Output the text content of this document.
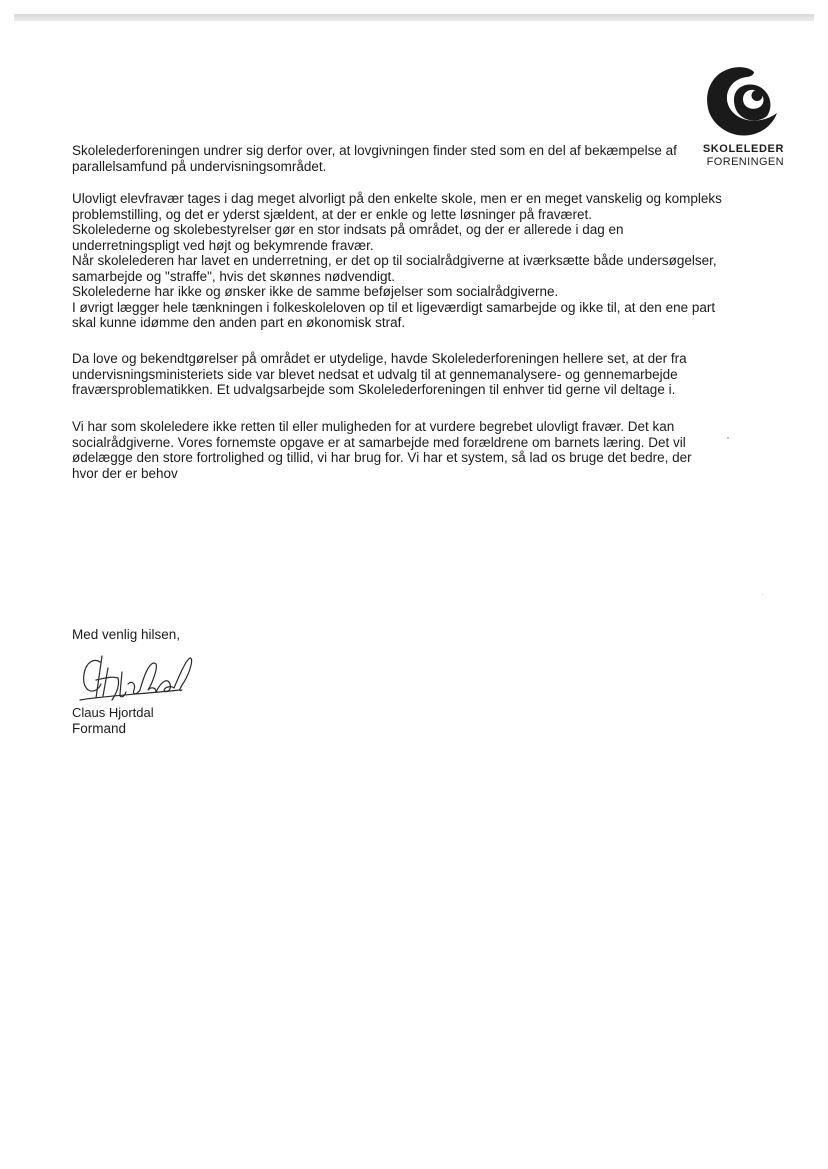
SKOLELEDER
FORENINGEN

Skolelederforeningen undrer sig derfor over, at lovgivningen finder sted som en del af bekæmpelse af
parallelsamfund på undervisningsområdet.

Ulovligt elevfravær tages i dag meget alvorligt på den enkelte skole, men er en meget vanskelig og kompleks
problemstilling, og det er yderst sjældent, at der er enkle og lette løsninger på fraværet.
Skolelederne og skolebestyrelser gør en stor indsats på området, og der er allerede i dag en
underretningspligt ved højt og bekymrende fravær.
Når skolelederen har lavet en underretning, er det op til socialrådgiverne at iværksætte både undersøgelser,
samarbejde og "straffe", hvis det skønnes nødvendigt.
Skolelederne har ikke og ønsker ikke de samme beføjelser som socialrådgiverne.
I øvrigt lægger hele tænkningen i folkeskoleloven op til et ligeværdigt samarbejde og ikke til, at den ene part
skal kunne idømme den anden part en økonomisk straf.

Da love og bekendtgørelser på området er utydelige, havde Skolelederforeningen hellere set, at der fra
undervisningsministeriets side var blevet nedsat et udvalg til at gennemanalysere- og gennemarbejde
fraværsproblematikken. Et udvalgsarbejde som Skolelederforeningen til enhver tid gerne vil deltage i.

Vi har som skoleledere ikke retten til eller muligheden for at vurdere begrebet ulovligt fravær. Det kan
socialrådgiverne. Vores fornemste opgave er at samarbejde med forældrene om barnets læring. Det vil
ødelægge den store fortrolighed og tillid, vi har brug for. Vi har et system, så lad os bruge det bedre, der
hvor der er behov

Med venlig hilsen,
Claus Hjortdal
Formand
